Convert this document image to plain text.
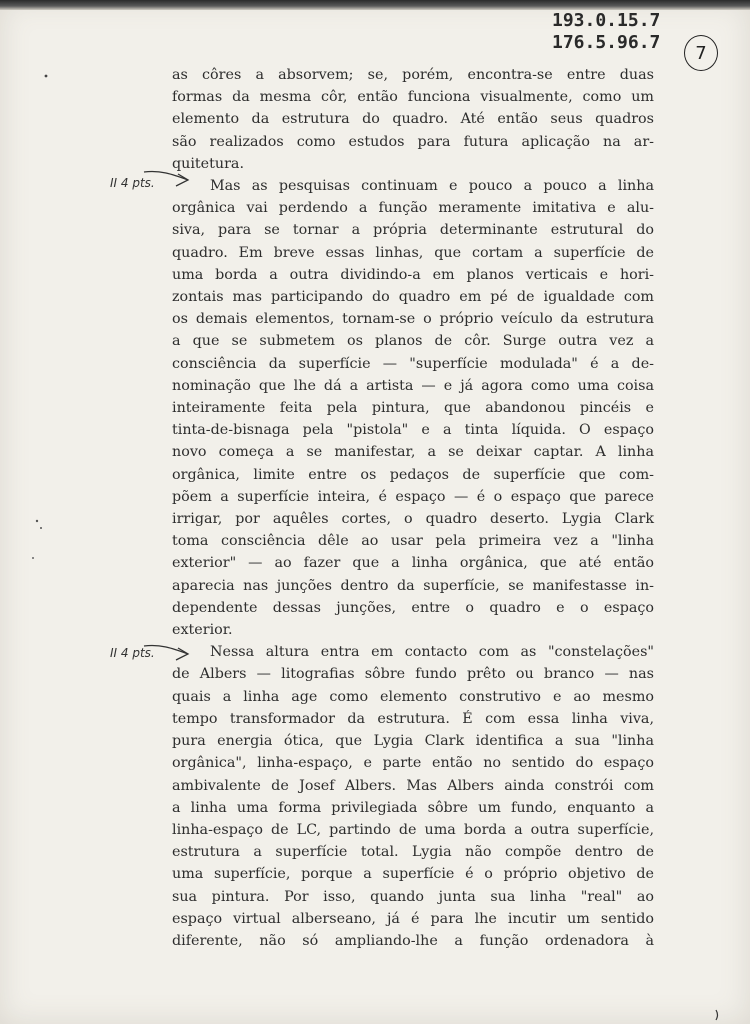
193.0.15.7
176.5.96.7	7
II 4 pts.
II 4 pts.
as côres a absorvem; se, porém, encontra-se entre duas
formas da mesma côr, então funciona visualmente, como um
elemento da estrutura do quadro. Até então seus quadros
são realizados como estudos para futura aplicação na ar-
quitetura.
Mas as pesquisas continuam e pouco a pouco a linha
orgânica vai perdendo a função meramente imitativa e alu-
siva, para se tornar a própria determinante estrutural do
quadro. Em breve essas linhas, que cortam a superfície de
uma borda a outra dividindo-a em planos verticais e hori-
zontais mas participando do quadro em pé de igualdade com
os demais elementos, tornam-se o próprio veículo da estrutura
a que se submetem os planos de côr. Surge outra vez a
consciência da superfície — "superfície modulada" é a de-
nominação que lhe dá a artista — e já agora como uma coisa
inteiramente feita pela pintura, que abandonou pincéis e
tinta-de-bisnaga pela "pistola" e a tinta líquida. O espaço
novo começa a se manifestar, a se deixar captar. A linha
orgânica, limite entre os pedaços de superfície que com-
põem a superfície inteira, é espaço — é o espaço que parece
irrigar, por aquêles cortes, o quadro deserto. Lygia Clark
toma consciência dêle ao usar pela primeira vez a "linha
exterior" — ao fazer que a linha orgânica, que até então
aparecia nas junções dentro da superfície, se manifestasse in-
dependente dessas junções, entre o quadro e o espaço
exterior.
Nessa altura entra em contacto com as "constelações"
de Albers — litografias sôbre fundo prêto ou branco — nas
quais a linha age como elemento construtivo e ao mesmo
tempo transformador da estrutura. É com essa linha viva,
pura energia ótica, que Lygia Clark identifica a sua "linha
orgânica", linha-espaço, e parte então no sentido do espaço
ambivalente de Josef Albers. Mas Albers ainda constrói com
a linha uma forma privilegiada sôbre um fundo, enquanto a
linha-espaço de LC, partindo de uma borda a outra superfície,
estrutura a superfície total. Lygia não compõe dentro de
uma superfície, porque a superfície é o próprio objetivo de
sua pintura. Por isso, quando junta sua linha "real" ao
espaço virtual alberseano, já é para lhe incutir um sentido
diferente, não só ampliando-lhe a função ordenadora à
